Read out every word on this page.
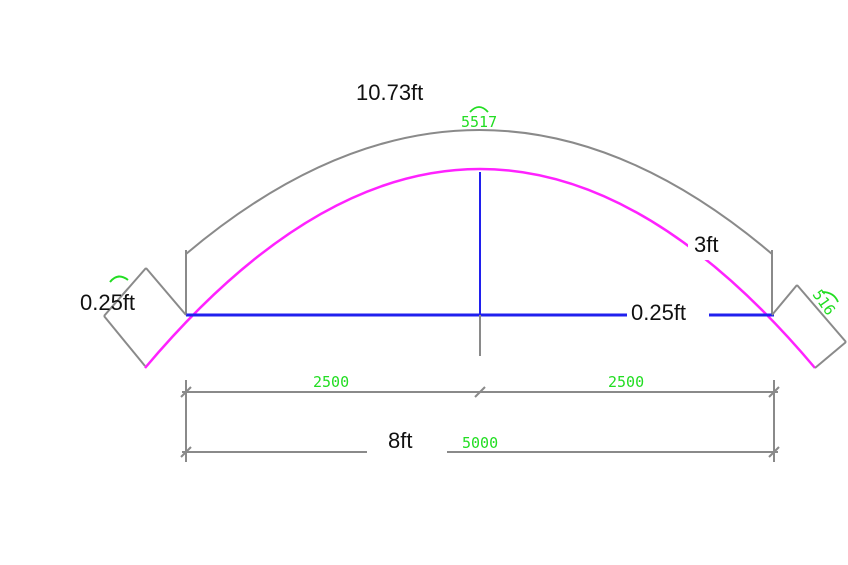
10.73ft
3ft
0.25ft	0.25ft
8ft
5517
2500	2500
5000
516
